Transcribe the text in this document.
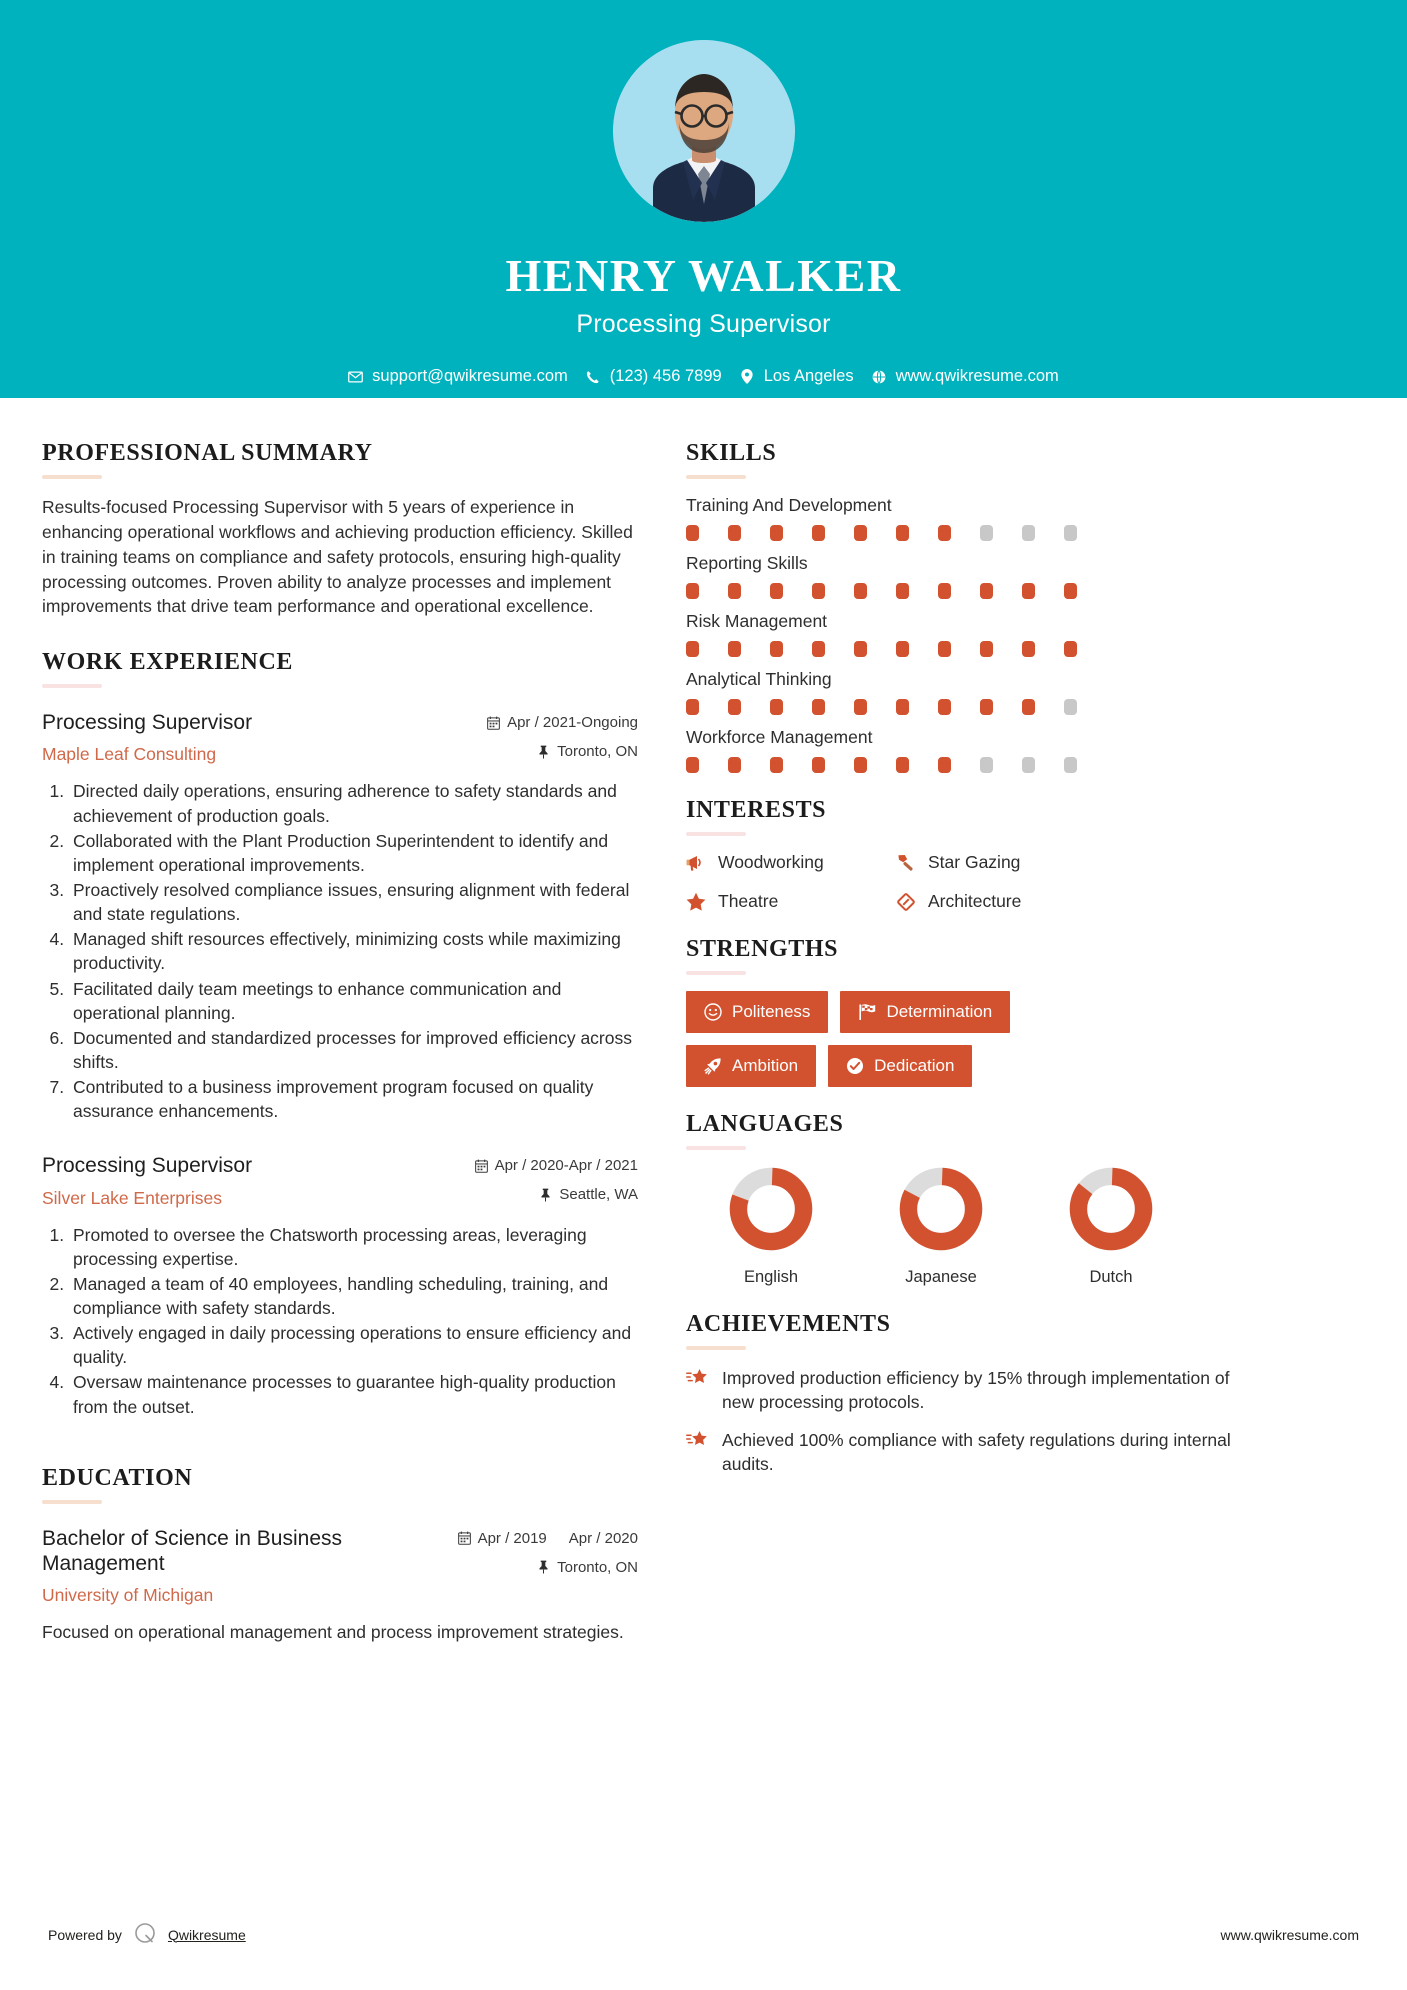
HENRY WALKER
Processing Supervisor
support@qwikresume.com	(123) 456 7899	Los Angeles	www.qwikresume.com
PROFESSIONAL SUMMARY
Results-focused Processing Supervisor with 5 years of experience in enhancing operational workflows and achieving production efficiency. Skilled in training teams on compliance and safety protocols, ensuring high-quality processing outcomes. Proven ability to analyze processes and implement improvements that drive team performance and operational excellence.
WORK EXPERIENCE
Processing Supervisor
Maple Leaf Consulting
Apr / 2021-Ongoing
Toronto, ON
1. Directed daily operations, ensuring adherence to safety standards and achievement of production goals.
2. Collaborated with the Plant Production Superintendent to identify and implement operational improvements.
3. Proactively resolved compliance issues, ensuring alignment with federal and state regulations.
4. Managed shift resources effectively, minimizing costs while maximizing productivity.
5. Facilitated daily team meetings to enhance communication and operational planning.
6. Documented and standardized processes for improved efficiency across shifts.
7. Contributed to a business improvement program focused on quality assurance enhancements.
Processing Supervisor
Silver Lake Enterprises
Apr / 2020-Apr / 2021
Seattle, WA
1. Promoted to oversee the Chatsworth processing areas, leveraging processing expertise.
2. Managed a team of 40 employees, handling scheduling, training, and compliance with safety standards.
3. Actively engaged in daily processing operations to ensure efficiency and quality.
4. Oversaw maintenance processes to guarantee high-quality production from the outset.
EDUCATION
Bachelor of Science in Business Management
University of Michigan
Apr / 2019 Apr / 2020
Toronto, ON
Focused on operational management and process improvement strategies.
SKILLS
Training And Development
Reporting Skills
Risk Management
Analytical Thinking
Workforce Management
INTERESTS
Woodworking	Star Gazing
Theatre	Architecture
STRENGTHS
Politeness	Determination
Ambition	Dedication
LANGUAGES
English	Japanese	Dutch
ACHIEVEMENTS
Improved production efficiency by 15% through implementation of new processing protocols.
Achieved 100% compliance with safety regulations during internal audits.
Powered by	Qwikresume	www.qwikresume.com
